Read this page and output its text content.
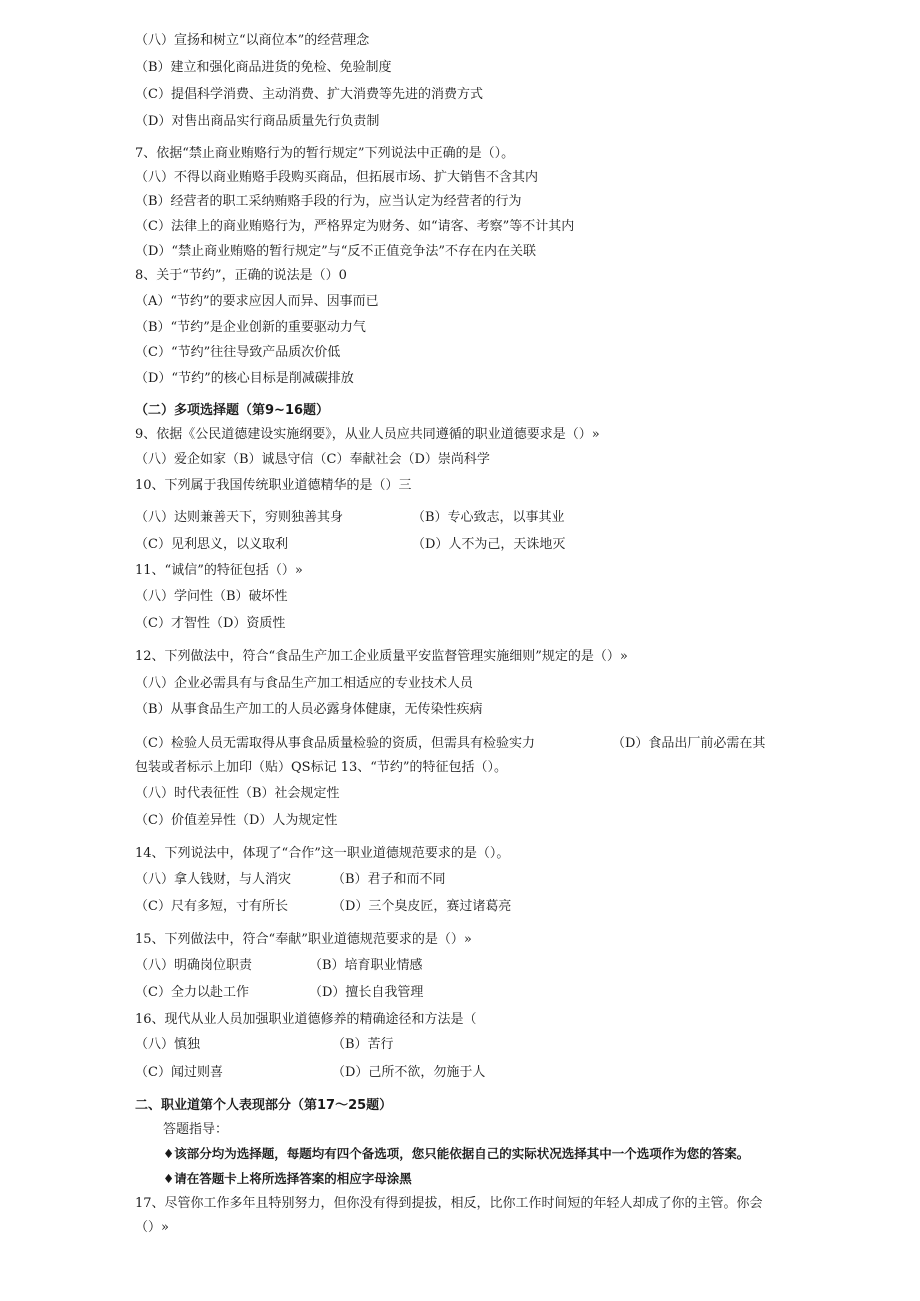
（八）宣扬和树立“以商位本”的经营理念
（B）建立和强化商品进货的免检、免验制度
（C）提倡科学消费、主动消费、扩大消费等先进的消费方式
（D）对售出商品实行商品质量先行负责制
7、依据“禁止商业贿赂行为的暂行规定”下列说法中正确的是（）。
（八）不得以商业贿赂手段购买商品，但拓展市场、扩大销售不含其内
（B）经营者的职工采纳贿赂手段的行为，应当认定为经营者的行为
（C）法律上的商业贿赂行为，严格界定为财务、如“请客、考察”等不计其内
（D）“禁止商业贿赂的暂行规定”与“反不正值竞争法”不存在内在关联
8、关于“节约”，正确的说法是（）0
（A）“节约”的要求应因人而异、因事而已
（B）“节约”是企业创新的重要驱动力气
（C）“节约”往往导致产品质次价低
（D）“节约”的核心目标是削减碳排放
（二）多项选择题（第9~16题）
9、依据《公民道德建设实施纲要》，从业人员应共同遵循的职业道德要求是（）»
（八）爱企如家（B）诚恳守信（C）奉献社会（D）崇尚科学
10、下列属于我国传统职业道德精华的是（）三
（八）达则兼善天下，穷则独善其身	（B）专心致志，以事其业
（C）见利思义，以义取利	（D）人不为己，天诛地灭
11、“诚信”的特征包括（）»
（八）学问性（B）破坏性
（C）才智性（D）资质性
12、下列做法中，符合“食品生产加工企业质量平安监督管理实施细则”规定的是（）»
（八）企业必需具有与食品生产加工相适应的专业技术人员
（B）从事食品生产加工的人员必露身体健康，无传染性疾病
（C）检验人员无需取得从事食品质量检验的资质，但需具有检验实力	（D）食品出厂前必需在其
包装或者标示上加印（贴）QS标记 13、“节约”的特征包括（）。
（八）时代表征性（B）社会规定性
（C）价值差异性（D）人为规定性
14、下列说法中，体现了“合作”这一职业道德规范要求的是（）。
（八）拿人钱财，与人消灾	（B）君子和而不同
（C）尺有多短，寸有所长	（D）三个臭皮匠，赛过诸葛亮
15、下列做法中，符合“奉献”职业道德规范要求的是（）»
（八）明确岗位职责	（B）培育职业情感
（C）全力以赴工作	（D）擅长自我管理
16、现代从业人员加强职业道德修养的精确途径和方法是（
（八）慎独	（B）苦行
（C）闻过则喜	（D）己所不欲，勿施于人
二、职业道第个人表现部分（第17〜25题）
答题指导：
♦该部分均为选择题，每题均有四个备选项，您只能依据自己的实际状况选择其中一个选项作为您的答案。
♦请在答题卡上将所选择答案的相应字母涂黑
17、尽管你工作多年且特别努力，但你没有得到提拔，相反，比你工作时间短的年轻人却成了你的主管。你会
（）»
